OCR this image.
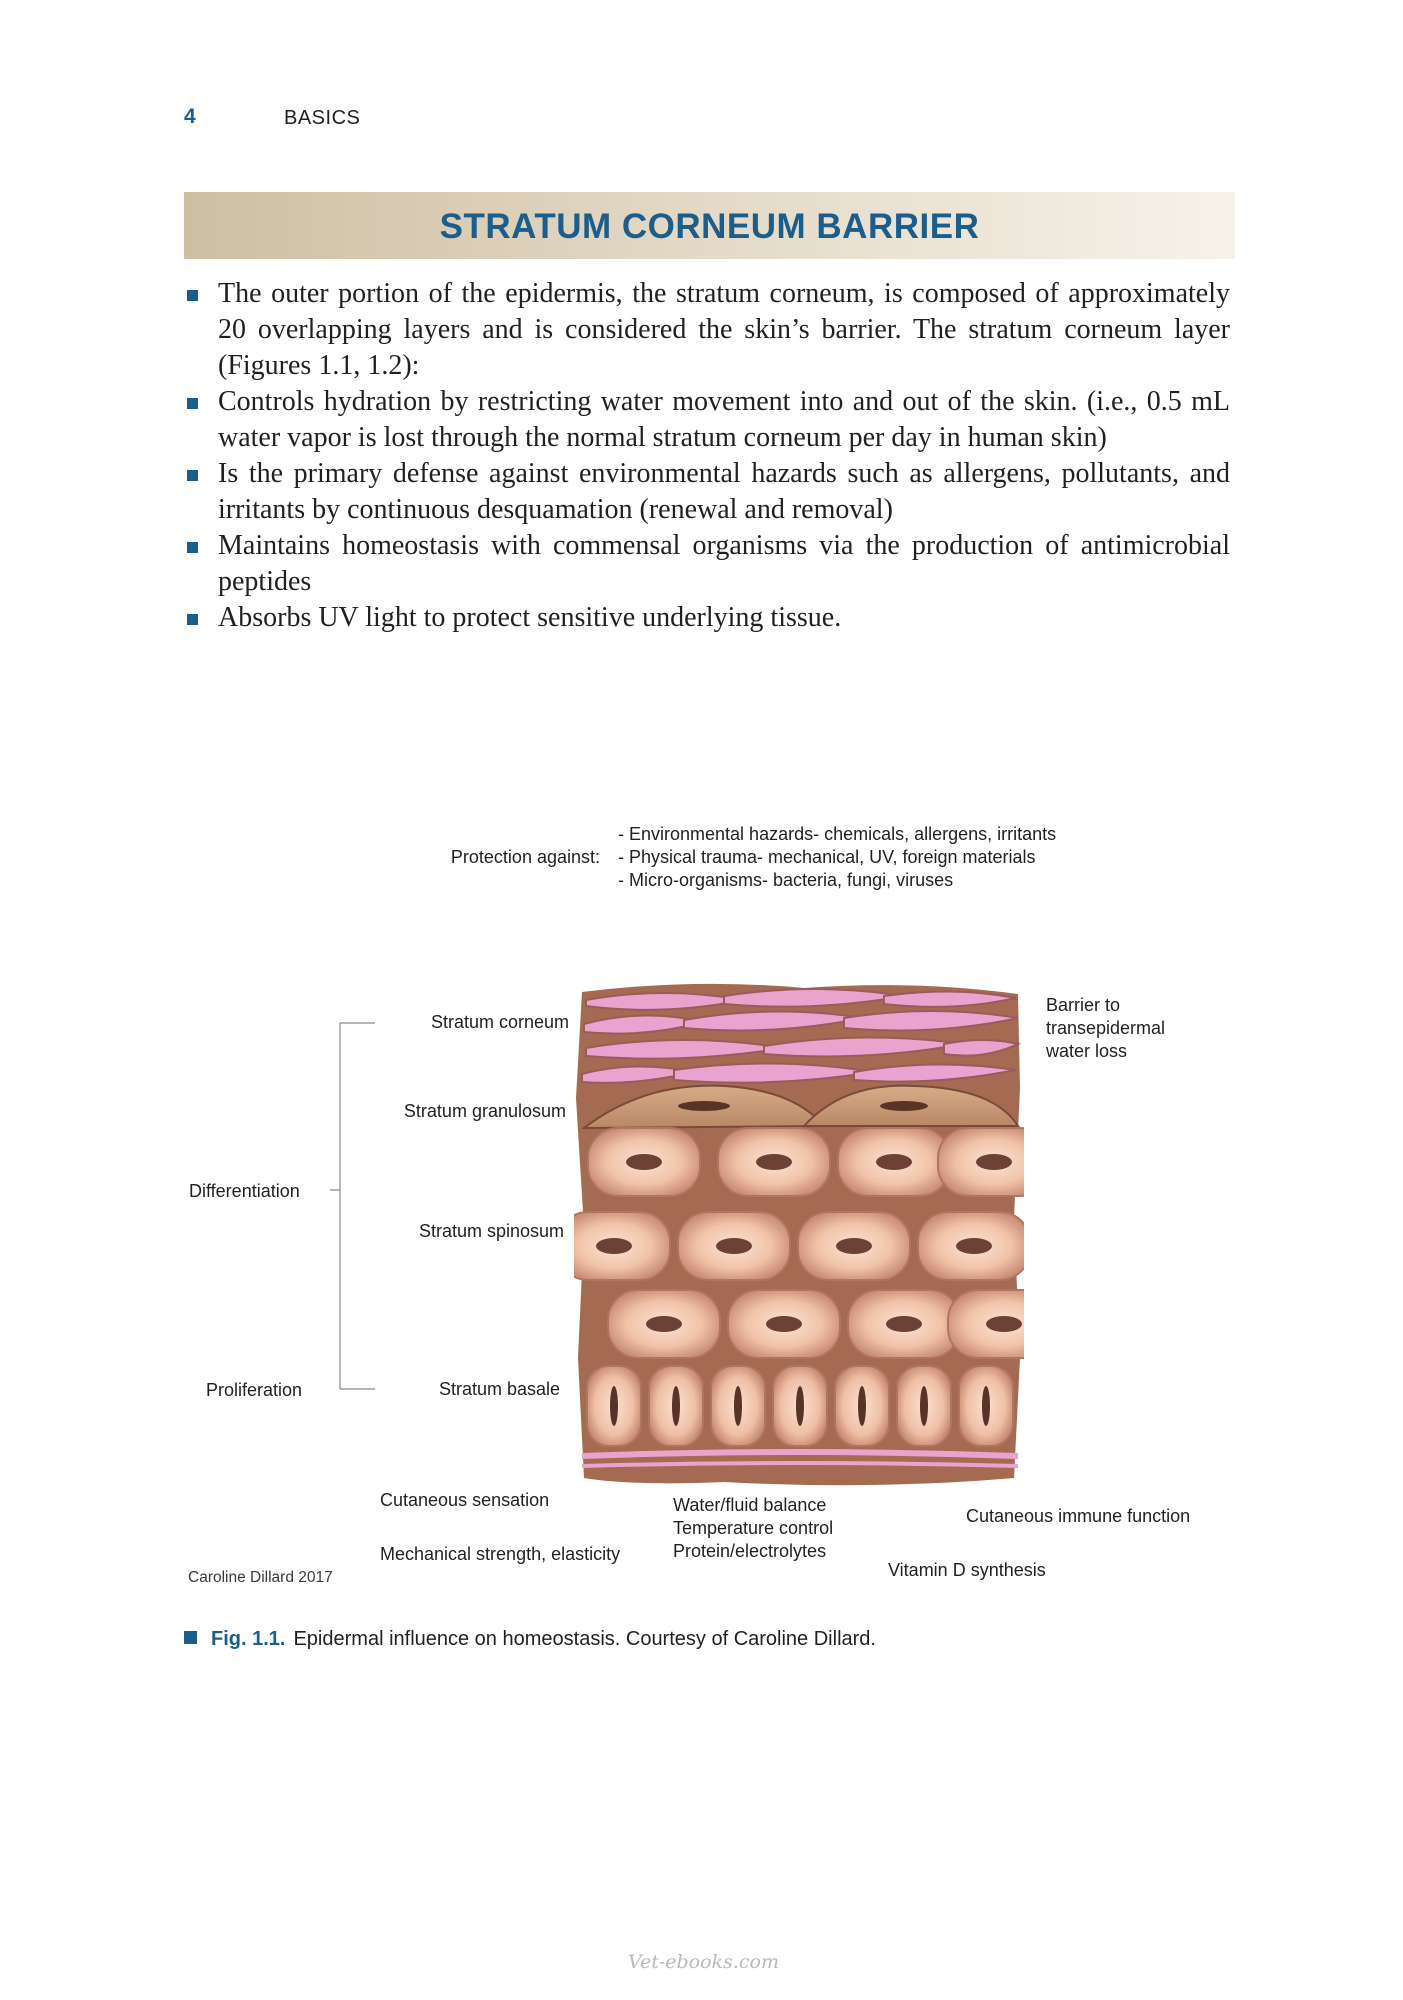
4	BASICS
STRATUM CORNEUM BARRIER
The outer portion of the epidermis, the stratum corneum, is composed of approximately 20 overlapping layers and is considered the skin’s barrier. The stratum corneum layer (Figures 1.1, 1.2):
Controls hydration by restricting water movement into and out of the skin. (i.e., 0.5 mL water vapor is lost through the normal stratum corneum per day in human skin)
Is the primary defense against environmental hazards such as allergens, pollutants, and irritants by continuous desquamation (renewal and removal)
Maintains homeostasis with commensal organisms via the production of antimicrobial peptides
Absorbs UV light to protect sensitive underlying tissue.
Protection against:
- Environmental hazards- chemicals, allergens, irritants
- Physical trauma- mechanical, UV, foreign materials
- Micro-organisms- bacteria, fungi, viruses
Differentiation
Proliferation
Stratum corneum
Stratum granulosum
Stratum spinosum
Stratum basale
Barrier to
transepidermal
water loss
Cutaneous sensation
Mechanical strength, elasticity
Water/fluid balance
Temperature control
Protein/electrolytes
Cutaneous immune function
Vitamin D synthesis
Caroline Dillard 2017
Fig. 1.1. Epidermal influence on homeostasis. Courtesy of Caroline Dillard.
Vet-ebooks.com
